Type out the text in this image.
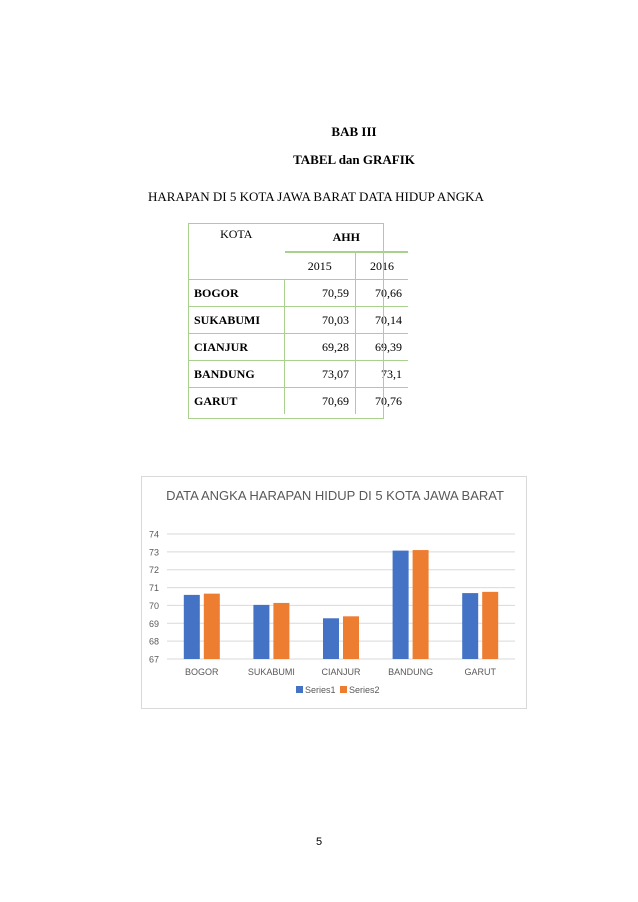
BAB III
TABEL dan GRAFIK
HARAPAN DI 5 KOTA JAWA BARAT DATA HIDUP ANGKA
KOTA	AHH	
	2015	2016
BOGOR	70,59	70,66
SUKABUMI	70,03	70,14
CIANJUR	69,28	69,39
BANDUNG	73,07	73,1
GARUT	70,69	70,76
DATA ANGKA HARAPAN HIDUP DI 5 KOTA JAWA BARAT
67
68
69
70
71
72
73
74
BOGOR	SUKABUMI	CIANJUR	BANDUNG	GARUT
Series1 Series2
5
